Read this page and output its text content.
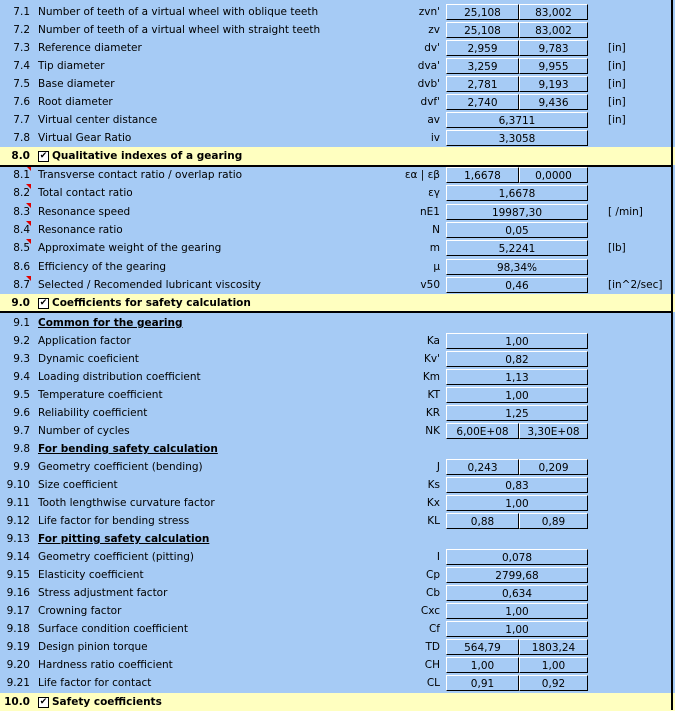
7.1 Number of teeth of a virtual wheel with oblique teeth	zvn'	25,108	83,002
7.2 Number of teeth of a virtual wheel with straight teeth	zv	25,108	83,002
7.3 Reference diameter	dv'	2,959	9,783	[in]
7.4 Tip diameter	dva'	3,259	9,955	[in]
7.5 Base diameter	dvb'	2,781	9,193	[in]
7.6 Root diameter	dvf'	2,740	9,436	[in]
7.7 Virtual center distance	av	6,3711	[in]
7.8 Virtual Gear Ratio	iv	3,3058
8.0 ✔ Qualitative indexes of a gearing
8.1 Transverse contact ratio / overlap ratio	εα | εβ	1,6678	0,0000
8.2 Total contact ratio	εγ	1,6678
8.3 Resonance speed	nE1	19987,30	[ /min]
8.4 Resonance ratio	N	0,05
8.5 Approximate weight of the gearing	m	5,2241	[lb]
8.6 Efficiency of the gearing	μ	98,34%
8.7 Selected / Recomended lubricant viscosity	v50	0,46	[in^2/sec]
9.0 ✔ Coefficients for safety calculation
9.1 Common for the gearing
9.2 Application factor	Ka	1,00
9.3 Dynamic coeficient	Kv'	0,82
9.4 Loading distribution coefficient	Km	1,13
9.5 Temperature coefficient	KT	1,00
9.6 Reliability coefficient	KR	1,25
9.7 Number of cycles	NK	6,00E+08	3,30E+08
9.8 For bending safety calculation
9.9 Geometry coefficient (bending)	J	0,243	0,209
9.10 Size coefficient	Ks	0,83
9.11 Tooth lengthwise curvature factor	Kx	1,00
9.12 Life factor for bending stress	KL	0,88	0,89
9.13 For pitting safety calculation
9.14 Geometry coefficient (pitting)	I	0,078
9.15 Elasticity coefficient	Cp	2799,68
9.16 Stress adjustment factor	Cb	0,634
9.17 Crowning factor	Cxc	1,00
9.18 Surface condition coefficient	Cf	1,00
9.19 Design pinion torque	TD	564,79	1803,24
9.20 Hardness ratio coefficient	CH	1,00	1,00
9.21 Life factor for contact	CL	0,91	0,92
10.0 ✔ Safety coefficients
